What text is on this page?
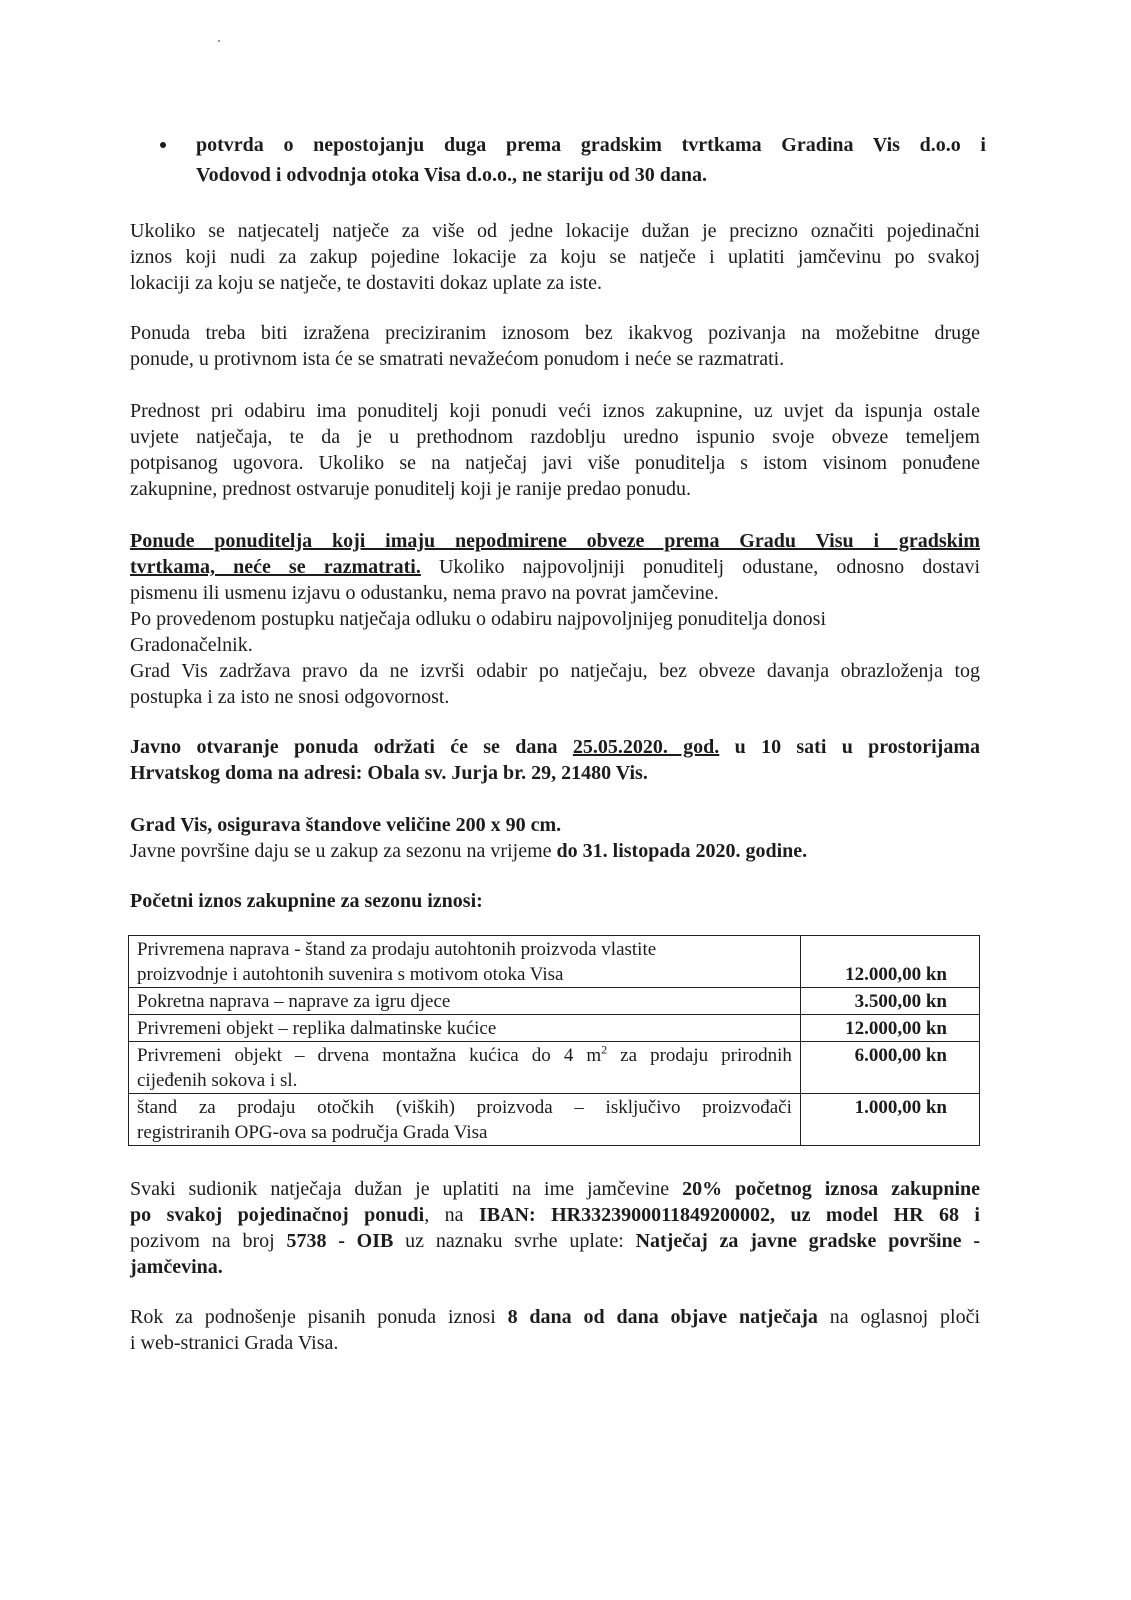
potvrda o nepostojanju duga prema gradskim tvrtkama Gradina Vis d.o.o i
Vodovod i odvodnja otoka Visa d.o.o., ne stariju od 30 dana.
Ukoliko se natjecatelj natječe za više od jedne lokacije dužan je precizno označiti pojedinačni
iznos koji nudi za zakup pojedine lokacije za koju se natječe i uplatiti jamčevinu po svakoj
lokaciji za koju se natječe, te dostaviti dokaz uplate za iste.
Ponuda treba biti izražena preciziranim iznosom bez ikakvog pozivanja na možebitne druge
ponude, u protivnom ista će se smatrati nevažećom ponudom i neće se razmatrati.
Prednost pri odabiru ima ponuditelj koji ponudi veći iznos zakupnine, uz uvjet da ispunja ostale
uvjete natječaja, te da je u prethodnom razdoblju uredno ispunio svoje obveze temeljem
potpisanog ugovora. Ukoliko se na natječaj javi više ponuditelja s istom visinom ponuđene
zakupnine, prednost ostvaruje ponuditelj koji je ranije predao ponudu.
Ponude ponuditelja koji imaju nepodmirene obveze prema Gradu Visu i gradskim
tvrtkama, neće se razmatrati. Ukoliko najpovoljniji ponuditelj odustane, odnosno dostavi
pismenu ili usmenu izjavu o odustanku, nema pravo na povrat jamčevine.
Po provedenom postupku natječaja odluku o odabiru najpovoljnijeg ponuditelja donosi
Gradonačelnik.
Grad Vis zadržava pravo da ne izvrši odabir po natječaju, bez obveze davanja obrazloženja tog
postupka i za isto ne snosi odgovornost.
Javno otvaranje ponuda održati će se dana 25.05.2020. god. u 10 sati u prostorijama
Hrvatskog doma na adresi: Obala sv. Jurja br. 29, 21480 Vis.
Grad Vis, osigurava štandove veličine 200 x 90 cm.
Javne površine daju se u zakup za sezonu na vrijeme do 31. listopada 2020. godine.
Početni iznos zakupnine za sezonu iznosi:
Privremena naprava - štand za prodaju autohtonih proizvoda vlastite
proizvodnje i autohtonih suvenira s motivom otoka Visa	12.000,00 kn

Pokretna naprava – naprave za igru djece	3.500,00 kn

Privremeni objekt – replika dalmatinske kućice	12.000,00 kn

Privremeni objekt – drvena montažna kućica do 4 $m^2$ za prodaju prirodnih
cijeđenih sokova i sl.	6.000,00 kn

štand za prodaju otočkih (viških) proizvoda – isključivo proizvođači
registriranih OPG-ova sa područja Grada Visa	1.000,00 kn
Svaki sudionik natječaja dužan je uplatiti na ime jamčevine 20% početnog iznosa zakupnine
po svakoj pojedinačnoj ponudi, na IBAN: HR3323900011849200002, uz model HR 68 i
pozivom na broj 5738 - OIB uz naznaku svrhe uplate: Natječaj za javne gradske površine -
jamčevina.
Rok za podnošenje pisanih ponuda iznosi 8 dana od dana objave natječaja na oglasnoj ploči
i web-stranici Grada Visa.
